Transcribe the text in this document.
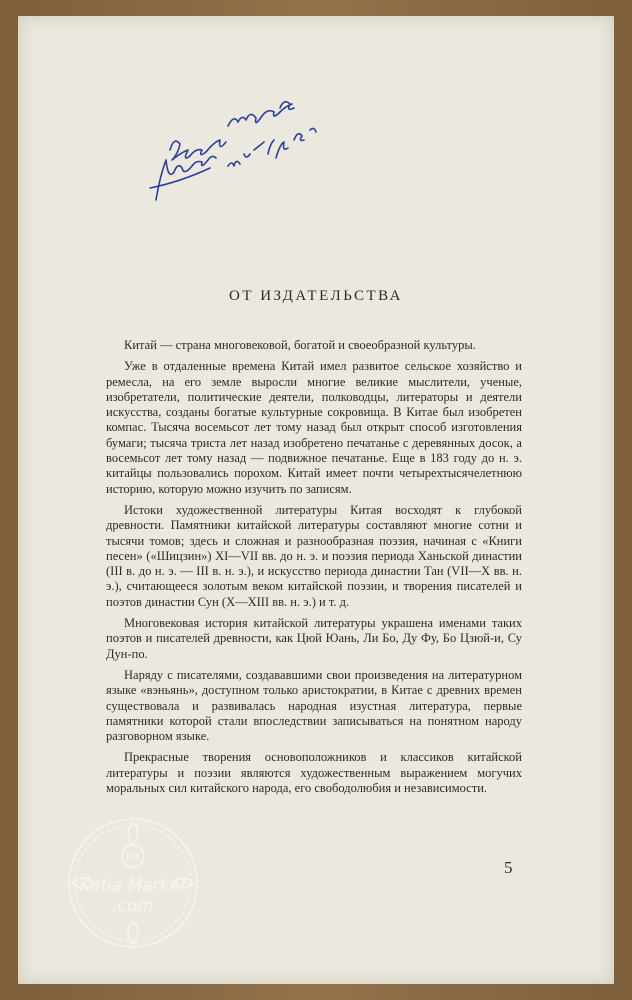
ОТ ИЗДАТЕЛЬСТВА

Китай — страна многовековой, богатой и своеобразной культуры.

Уже в отдаленные времена Китай имел развитое сельское хозяйство и ремесла, на его земле выросли многие великие мыслители, ученые, изобретатели, политические деятели, полководцы, литераторы и деятели искусства, созданы богатые культурные сокровища. В Китае был изобретен компас. Тысяча восемьсот лет тому назад был открыт способ изготовления бумаги; тысяча триста лет назад изобретено печатанье с деревянных досок, а восемьсот лет тому назад — подвижное печатанье. Еще в 183 году до н. э. китайцы пользовались порохом. Китай имеет почти четырехтысячелетнюю историю, которую можно изучить по записям.

Истоки художественной литературы Китая восходят к глубокой древности. Памятники китайской литературы составляют многие сотни и тысячи томов; здесь и сложная и разнообразная поэзия, начиная с «Книги песен» («Шицзин») XI—VII вв. до н. э. и поэзия периода Ханьской династии (III в. до н. э. — III в. н. э.), и искусство периода династии Тан (VII—X вв. н. э.), считающееся золотым веком китайской поэзии, и творения писателей и поэтов династии Сун (X—XIII вв. н. э.) и т. д.

Многовековая история китайской литературы украшена именами таких поэтов и писателей древности, как Цюй Юань, Ли Бо, Ду Фу, Бо Цзюй-и, Су Дун-по.

Наряду с писателями, создававшими свои произведения на литературном языке «вэньянь», доступном только аристократии, в Китае с древних времен существовала и развивалась народная изустная литература, первые памятники которой стали впоследствии записываться на понятном народу разговорном языке.

Прекрасные творения основоположников и классиков китайской литературы и поэзии являются художественным выражением могучих моральных сил китайского народа, его свободолюбия и независимости.

5
KM
Katia Market .com
